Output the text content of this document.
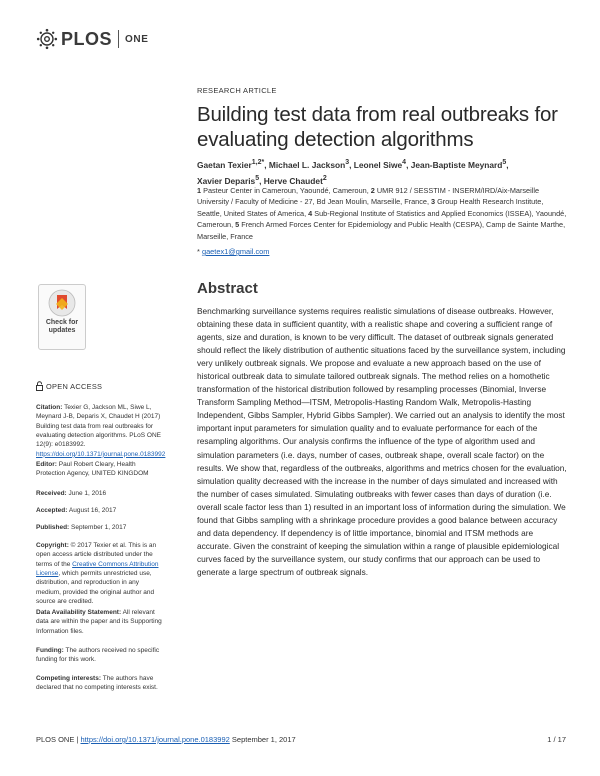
PLOS ONE
RESEARCH ARTICLE
Building test data from real outbreaks for evaluating detection algorithms
Gaetan Texier$^{1,2*}$, Michael L. Jackson$^3$, Leonel Siwe$^4$, Jean-Baptiste Meynard$^5$,
Xavier Deparis$^5$, Herve Chaudet$^2$
1 Pasteur Center in Cameroun, Yaoundé, Cameroun, 2 UMR 912 / SESSTIM - INSERM/IRD/Aix-Marseille University / Faculty of Medicine - 27, Bd Jean Moulin, Marseille, France, 3 Group Health Research Institute, Seattle, United States of America, 4 Sub-Regional Institute of Statistics and Applied Economics (ISSEA), Yaoundé, Cameroun, 5 French Armed Forces Center for Epidemiology and Public Health (CESPA), Camp de Sainte Marthe, Marseille, France
* gaetex1@gmail.com
Abstract

Benchmarking surveillance systems requires realistic simulations of disease outbreaks. However, obtaining these data in sufficient quantity, with a realistic shape and covering a sufficient range of agents, size and duration, is known to be very difficult. The dataset of outbreak signals generated should reflect the likely distribution of authentic situations faced by the surveillance system, including very unlikely outbreak signals. We propose and evaluate a new approach based on the use of historical outbreak data to simulate tailored outbreak signals. The method relies on a homothetic transformation of the historical distribution followed by resampling processes (Binomial, Inverse Transform Sampling Method—ITSM, Metropolis-Hasting Random Walk, Metropolis-Hasting Independent, Gibbs Sampler, Hybrid Gibbs Sampler). We carried out an analysis to identify the most important input parameters for simulation quality and to evaluate performance for each of the resampling algorithms. Our analysis confirms the influence of the type of algorithm used and simulation parameters (i.e. days, number of cases, outbreak shape, overall scale factor) on the results. We show that, regardless of the outbreaks, algorithms and metrics chosen for the evaluation, simulation quality decreased with the increase in the number of days simulated and increased with the number of cases simulated. Simulating outbreaks with fewer cases than days of duration (i.e. overall scale factor less than 1) resulted in an important loss of information during the simulation. We found that Gibbs sampling with a shrinkage procedure provides a good balance between accuracy and data dependency. If dependency is of little importance, binomial and ITSM methods are accurate. Given the constraint of keeping the simulation within a range of plausible epidemiological curves faced by the surveillance system, our study confirms that our approach can be used to generate a large spectrum of outbreak signals.

Check for updates
OPEN ACCESS
Citation: Texier G, Jackson ML, Siwe L, Meynard J-B, Deparis X, Chaudet H (2017) Building test data from real outbreaks for evaluating detection algorithms. PLoS ONE 12(9): e0183992. https://doi.org/10.1371/journal.pone.0183992
Editor: Paul Robert Cleary, Health Protection Agency, UNITED KINGDOM
Received: June 1, 2016
Accepted: August 16, 2017
Published: September 1, 2017
Copyright: © 2017 Texier et al. This is an open access article distributed under the terms of the Creative Commons Attribution License, which permits unrestricted use, distribution, and reproduction in any medium, provided the original author and source are credited.
Data Availability Statement: All relevant data are within the paper and its Supporting Information files.
Funding: The authors received no specific funding for this work.
Competing interests: The authors have declared that no competing interests exist.
PLOS ONE | https://doi.org/10.1371/journal.pone.0183992 September 1, 2017	1 / 17
